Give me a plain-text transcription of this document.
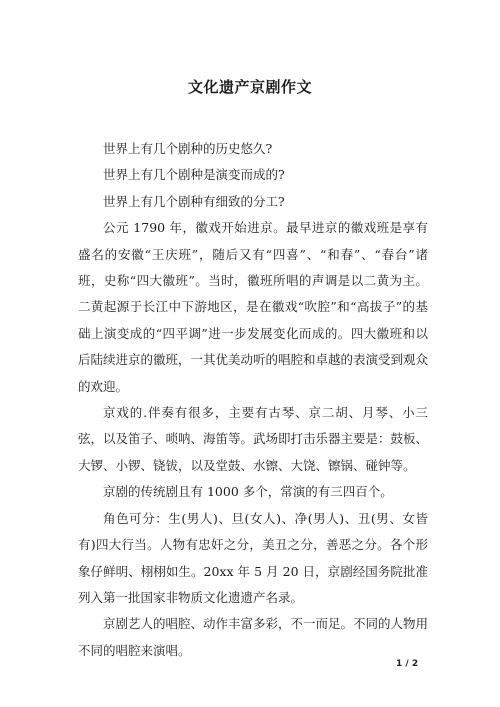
文化遗产京剧作文

世界上有几个剧种的历史悠久?

世界上有几个剧种是演变而成的?

世界上有几个剧种有细致的分工?

公元 1790 年，徽戏开始进京。最早进京的徽戏班是享有盛名的安徽“王庆班”，随后又有“四喜”、“和春”、“春台”诸班，史称“四大徽班”。当时，徽班所唱的声调是以二黄为主。二黄起源于长江中下游地区，是在徽戏“吹腔”和“高拔子”的基础上演变成的“四平调”进一步发展变化而成的。四大徽班和以后陆续进京的徽班，一其优美动听的唱腔和卓越的表演受到观众的欢迎。

京戏的.伴奏有很多，主要有古琴、京二胡、月琴、小三弦，以及笛子、唢呐、海笛等。武场即打击乐器主要是：鼓板、大锣、小锣、铙钹，以及堂鼓、水镲、大饶、镲锅、碰钟等。

京剧的传统剧且有 1000 多个，常演的有三四百个。

角色可分：生(男人)、旦(女人)、净(男人)、丑(男、女皆有)四大行当。人物有忠奸之分，美丑之分，善恶之分。各个形象仔鲜明、栩栩如生。20xx 年 5 月 20 日，京剧经国务院批准列入第一批国家非物质文化遗遗产名录。

京剧艺人的唱腔、动作丰富多彩，不一而足。不同的人物用不同的唱腔来演唱。

1 / 2
